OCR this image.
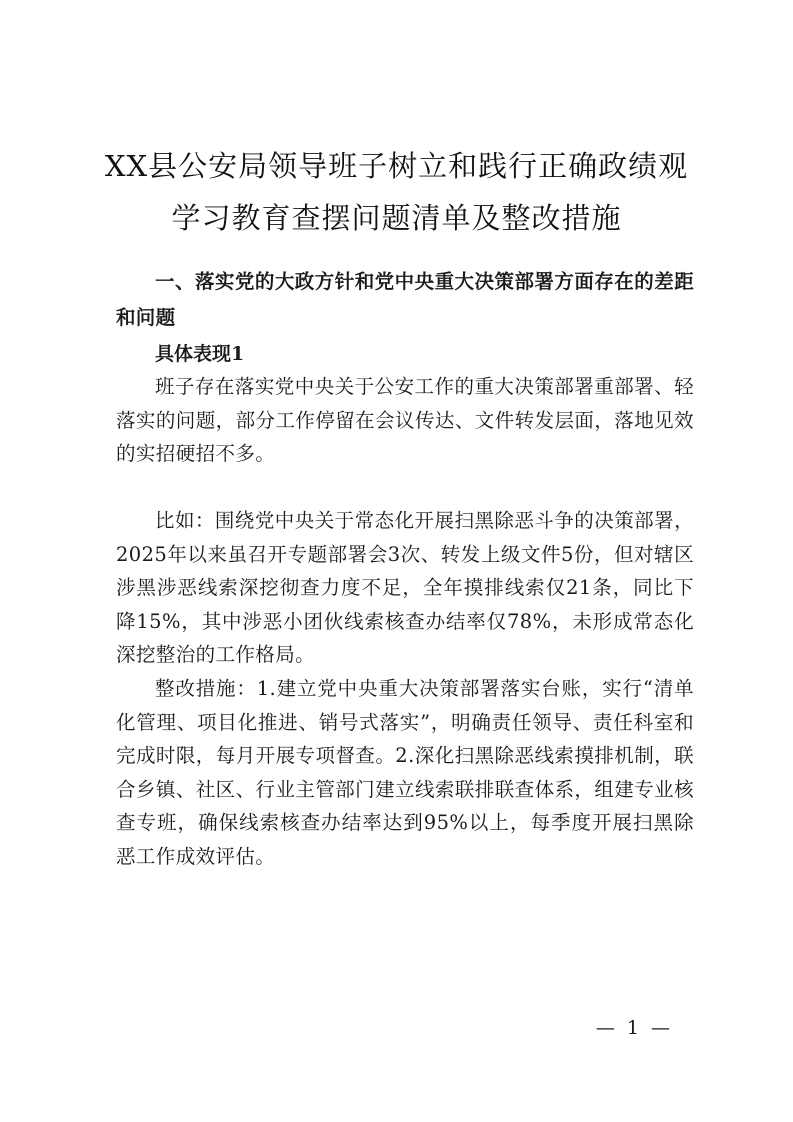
XX县公安局领导班子树立和践行正确政绩观
学习教育查摆问题清单及整改措施
一、落实党的大政方针和党中央重大决策部署方面存在的差距和问题
具体表现1
班子存在落实党中央关于公安工作的重大决策部署重部署、轻落实的问题，部分工作停留在会议传达、文件转发层面，落地见效的实招硬招不多。
比如：围绕党中央关于常态化开展扫黑除恶斗争的决策部署，2025年以来虽召开专题部署会3次、转发上级文件5份，但对辖区涉黑涉恶线索深挖彻查力度不足，全年摸排线索仅21条，同比下降15%，其中涉恶小团伙线索核查办结率仅78%，未形成常态化深挖整治的工作格局。
整改措施：1.建立党中央重大决策部署落实台账，实行“清单化管理、项目化推进、销号式落实”，明确责任领导、责任科室和完成时限，每月开展专项督查。2.深化扫黑除恶线索摸排机制，联合乡镇、社区、行业主管部门建立线索联排联查体系，组建专业核查专班，确保线索核查办结率达到95%以上，每季度开展扫黑除恶工作成效评估。
— 1 —
